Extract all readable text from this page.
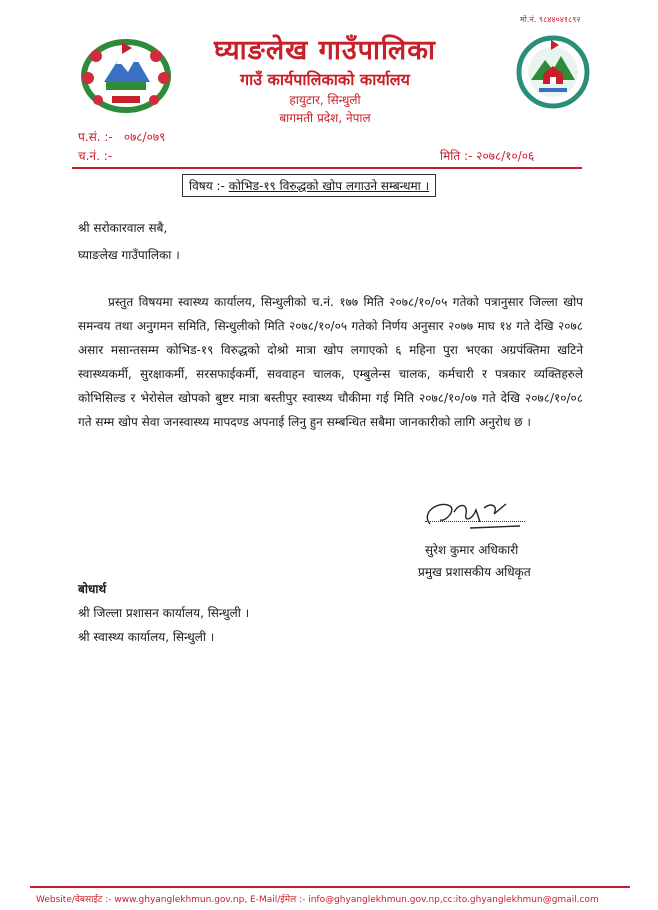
मो.नं. ९८४४०४१८९२
घ्याङलेख गाउँपालिका
गाउँ कार्यपालिकाको कार्यालय
हायुटार, सिन्धुली
बागमती प्रदेश, नेपाल
प.सं. :- ०७८/०७९
च.नं. :-	मिति :- २०७८/१०/०६
विषय :- कोभिड-१९ विरुद्धको खोप लगाउने सम्बन्धमा ।
श्री सरोकारवाल सबै,
घ्याङलेख गाउँपालिका ।
प्रस्तुत विषयमा स्वास्थ्य कार्यालय, सिन्धुलीको च.नं. १७७ मिति २०७८/१०/०५ गतेको पत्रानुसार जिल्ला खोप समन्वय तथा अनुगमन समिति, सिन्धुलीको मिति २०७८/१०/०५ गतेको निर्णय अनुसार २०७७ माघ १४ गते देखि २०७८ असार मसान्तसम्म कोभिड-१९ विरुद्धको दोश्रो मात्रा खोप लगाएको ६ महिना पुरा भएका अग्रपंक्तिमा खटिने स्वास्थ्यकर्मी, सुरक्षाकर्मी, सरसफाईकर्मी, सववाहन चालक, एम्बुलेन्स चालक, कर्मचारी र पत्रकार व्यक्तिहरुले कोभिसिल्ड र भेरोसेल खोपको बुष्टर मात्रा बस्तीपुर स्वास्थ्य चौकीमा गई मिति २०७८/१०/०७ गते देखि २०७८/१०/०८ गते सम्म खोप सेवा जनस्वास्थ्य मापदण्ड अपनाई लिनु हुन सम्बन्धित सबैमा जानकारीको लागि अनुरोध छ ।
सुरेश कुमार अधिकारी
प्रमुख प्रशासकीय अधिकृत
बोधार्थ
श्री जिल्ला प्रशासन कार्यालय, सिन्धुली ।
श्री स्वास्थ्य कार्यालय, सिन्धुली ।
Website/वेबसाईट :- www.ghyanglekhmun.gov.np, E-Mail/ईमेल :- info@ghyanglekhmun.gov.np,cc:ito.ghyanglekhmun@gmail.com
